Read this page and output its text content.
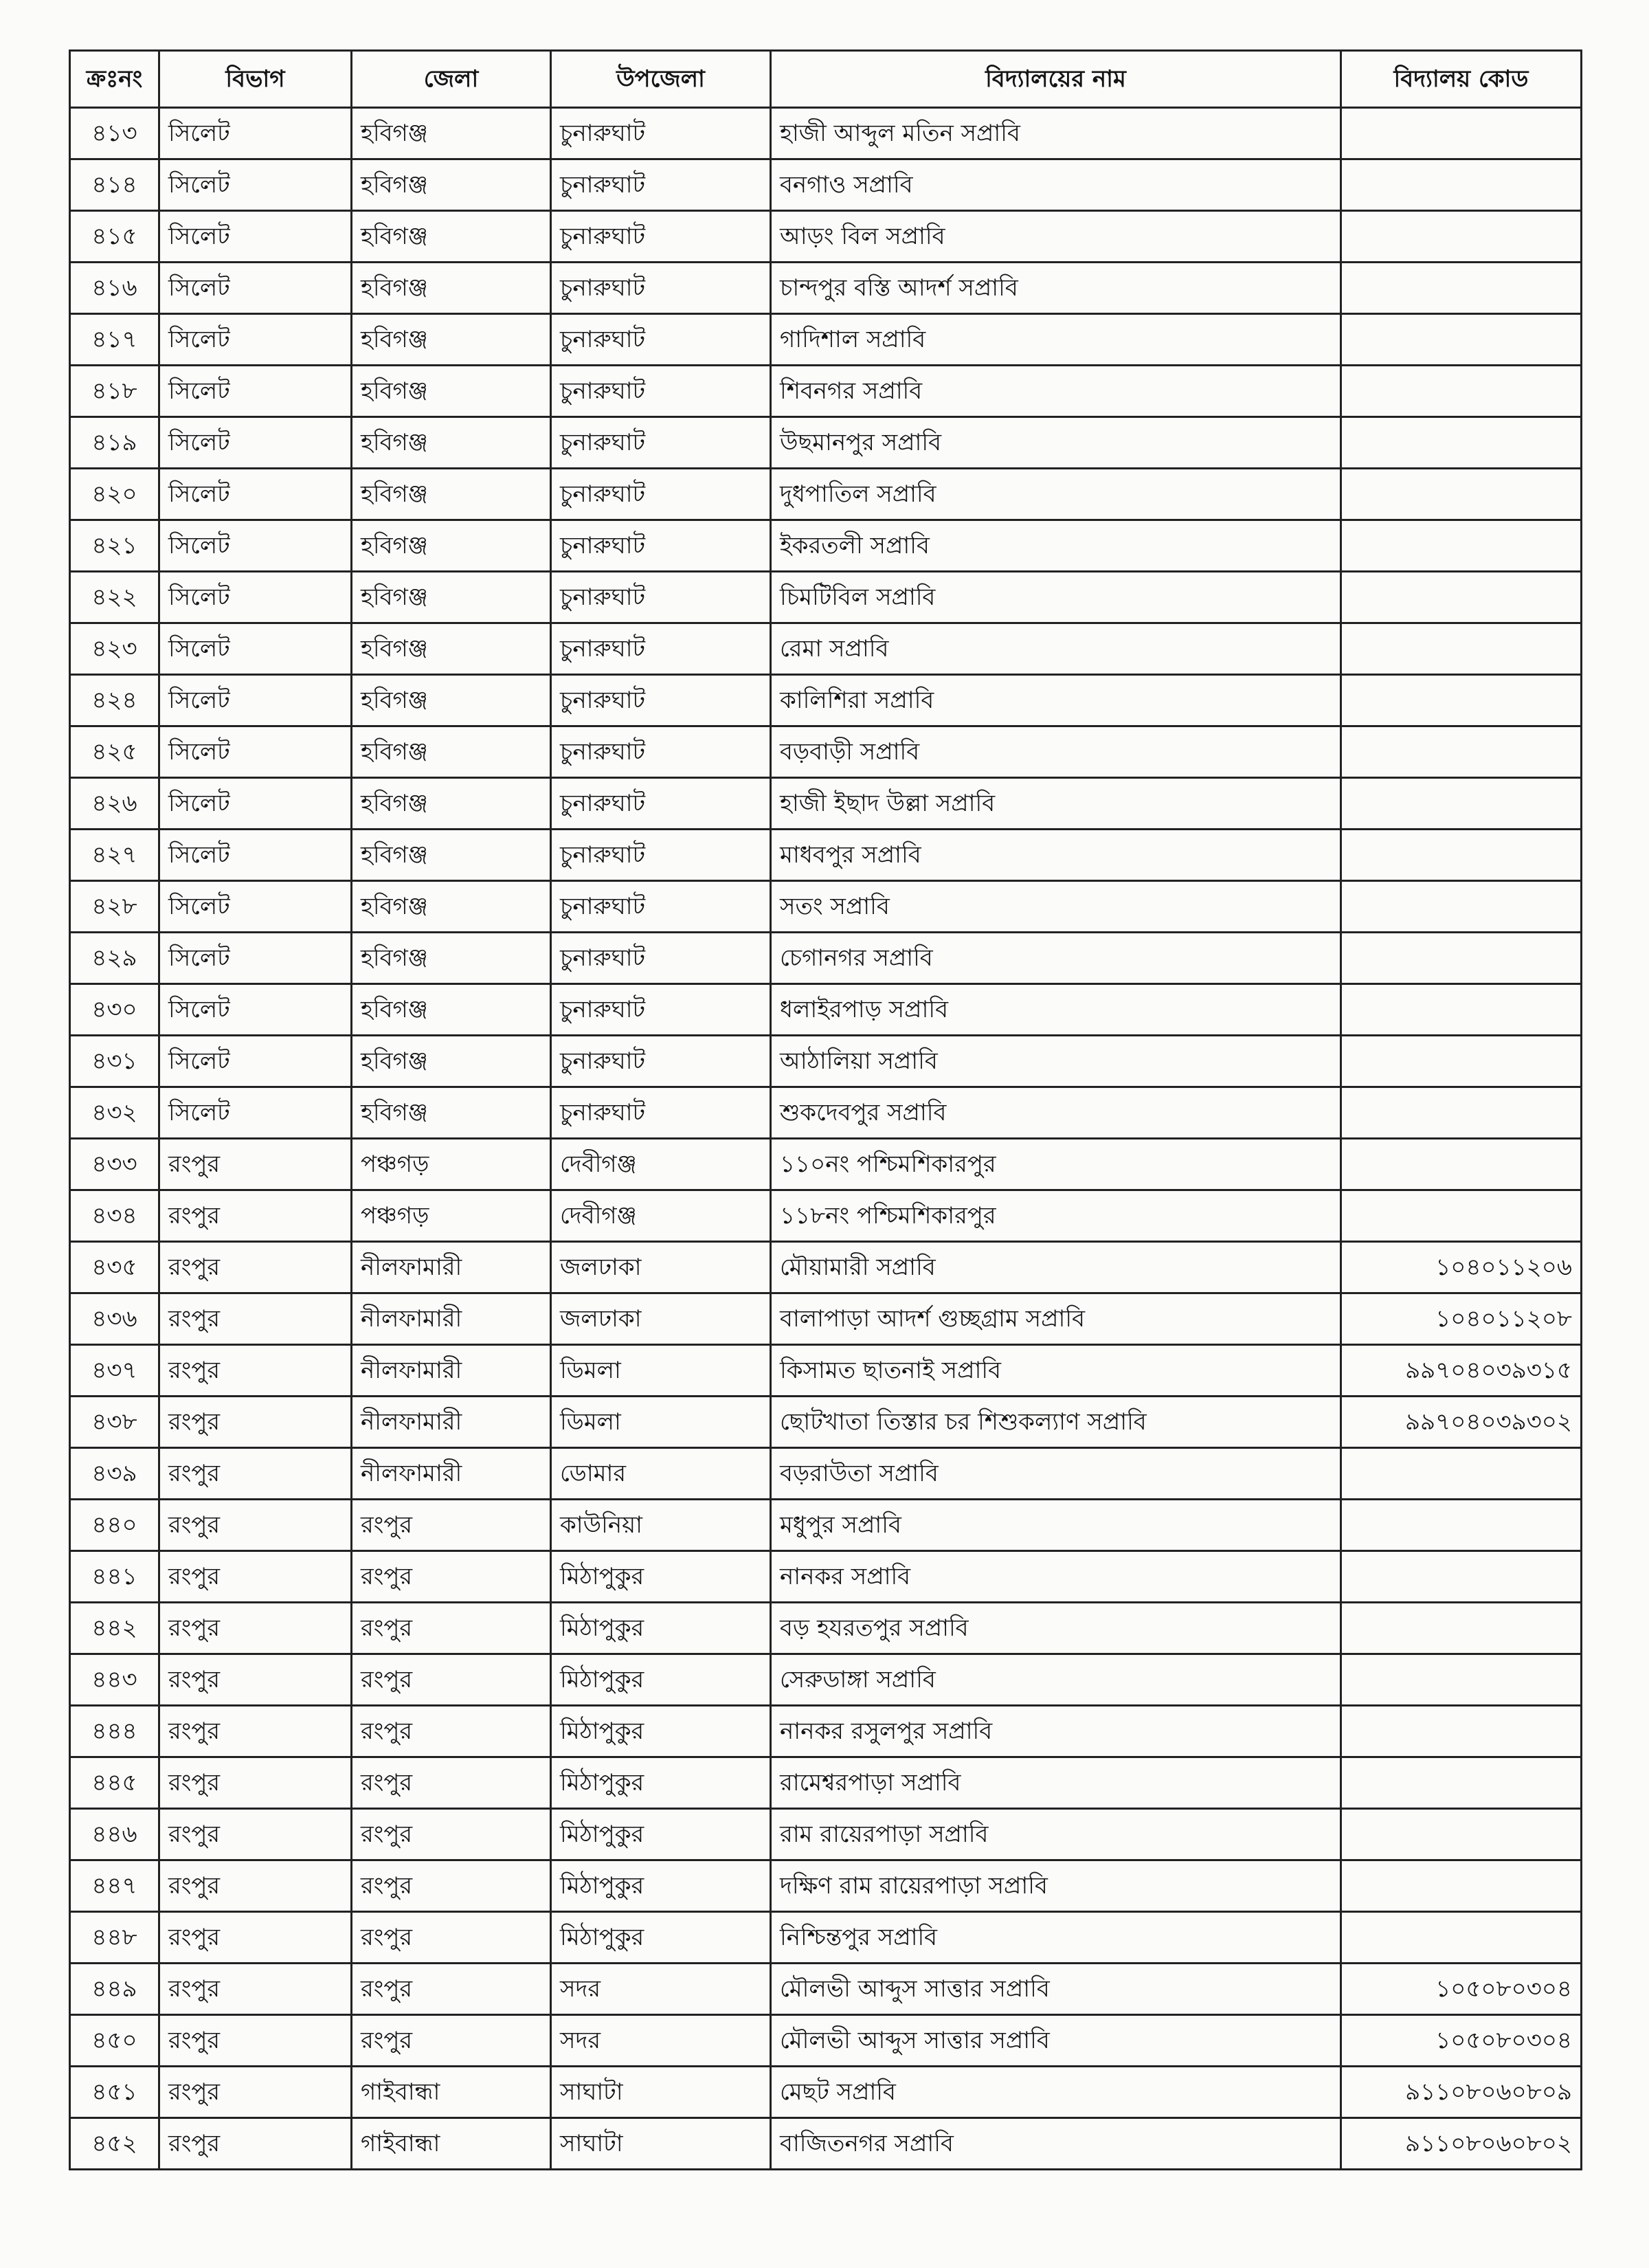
ক্রঃনং	বিভাগ	জেলা	উপজেলা	বিদ্যালয়ের নাম	বিদ্যালয় কোড
৪১৩	সিলেট	হবিগঞ্জ	চুনারুঘাট	হাজী আব্দুল মতিন সপ্রাবি	
৪১৪	সিলেট	হবিগঞ্জ	চুনারুঘাট	বনগাও সপ্রাবি	
৪১৫	সিলেট	হবিগঞ্জ	চুনারুঘাট	আড়ং বিল সপ্রাবি	
৪১৬	সিলেট	হবিগঞ্জ	চুনারুঘাট	চান্দপুর বস্তি আদর্শ সপ্রাবি	
৪১৭	সিলেট	হবিগঞ্জ	চুনারুঘাট	গাদিশাল সপ্রাবি	
৪১৮	সিলেট	হবিগঞ্জ	চুনারুঘাট	শিবনগর সপ্রাবি	
৪১৯	সিলেট	হবিগঞ্জ	চুনারুঘাট	উছমানপুর সপ্রাবি	
৪২০	সিলেট	হবিগঞ্জ	চুনারুঘাট	দুধপাতিল সপ্রাবি	
৪২১	সিলেট	হবিগঞ্জ	চুনারুঘাট	ইকরতলী সপ্রাবি	
৪২২	সিলেট	হবিগঞ্জ	চুনারুঘাট	চিমটিবিল সপ্রাবি	
৪২৩	সিলেট	হবিগঞ্জ	চুনারুঘাট	রেমা সপ্রাবি	
৪২৪	সিলেট	হবিগঞ্জ	চুনারুঘাট	কালিশিরা সপ্রাবি	
৪২৫	সিলেট	হবিগঞ্জ	চুনারুঘাট	বড়বাড়ী সপ্রাবি	
৪২৬	সিলেট	হবিগঞ্জ	চুনারুঘাট	হাজী ইছাদ উল্লা সপ্রাবি	
৪২৭	সিলেট	হবিগঞ্জ	চুনারুঘাট	মাধবপুর সপ্রাবি	
৪২৮	সিলেট	হবিগঞ্জ	চুনারুঘাট	সতং সপ্রাবি	
৪২৯	সিলেট	হবিগঞ্জ	চুনারুঘাট	চেগানগর সপ্রাবি	
৪৩০	সিলেট	হবিগঞ্জ	চুনারুঘাট	ধলাইরপাড় সপ্রাবি	
৪৩১	সিলেট	হবিগঞ্জ	চুনারুঘাট	আঠালিয়া সপ্রাবি	
৪৩২	সিলেট	হবিগঞ্জ	চুনারুঘাট	শুকদেবপুর সপ্রাবি	
৪৩৩	রংপুর	পঞ্চগড়	দেবীগঞ্জ	১১০নং পশ্চিমশিকারপুর	
৪৩৪	রংপুর	পঞ্চগড়	দেবীগঞ্জ	১১৮নং পশ্চিমশিকারপুর	
৪৩৫	রংপুর	নীলফামারী	জলঢাকা	মৌয়ামারী সপ্রাবি	১০৪০১১২০৬
৪৩৬	রংপুর	নীলফামারী	জলঢাকা	বালাপাড়া আদর্শ গুচ্ছগ্রাম সপ্রাবি	১০৪০১১২০৮
৪৩৭	রংপুর	নীলফামারী	ডিমলা	কিসামত ছাতনাই সপ্রাবি	৯৯৭০৪০৩৯৩১৫
৪৩৮	রংপুর	নীলফামারী	ডিমলা	ছোটখাতা তিস্তার চর শিশুকল্যাণ সপ্রাবি	৯৯৭০৪০৩৯৩০২
৪৩৯	রংপুর	নীলফামারী	ডোমার	বড়রাউতা সপ্রাবি	
৪৪০	রংপুর	রংপুর	কাউনিয়া	মধুপুর সপ্রাবি	
৪৪১	রংপুর	রংপুর	মিঠাপুকুর	নানকর সপ্রাবি	
৪৪২	রংপুর	রংপুর	মিঠাপুকুর	বড় হযরতপুর সপ্রাবি	
৪৪৩	রংপুর	রংপুর	মিঠাপুকুর	সেরুডাঙ্গা সপ্রাবি	
৪৪৪	রংপুর	রংপুর	মিঠাপুকুর	নানকর রসুলপুর সপ্রাবি	
৪৪৫	রংপুর	রংপুর	মিঠাপুকুর	রামেশ্বরপাড়া সপ্রাবি	
৪৪৬	রংপুর	রংপুর	মিঠাপুকুর	রাম রায়েরপাড়া সপ্রাবি	
৪৪৭	রংপুর	রংপুর	মিঠাপুকুর	দক্ষিণ রাম রায়েরপাড়া সপ্রাবি	
৪৪৮	রংপুর	রংপুর	মিঠাপুকুর	নিশ্চিন্তপুর সপ্রাবি	
৪৪৯	রংপুর	রংপুর	সদর	মৌলভী আব্দুস সাত্তার সপ্রাবি	১০৫০৮০৩০৪
৪৫০	রংপুর	রংপুর	সদর	মৌলভী আব্দুস সাত্তার সপ্রাবি	১০৫০৮০৩০৪
৪৫১	রংপুর	গাইবান্ধা	সাঘাটা	মেছট সপ্রাবি	৯১১০৮০৬০৮০৯
৪৫২	রংপুর	গাইবান্ধা	সাঘাটা	বাজিতনগর সপ্রাবি	৯১১০৮০৬০৮০২
